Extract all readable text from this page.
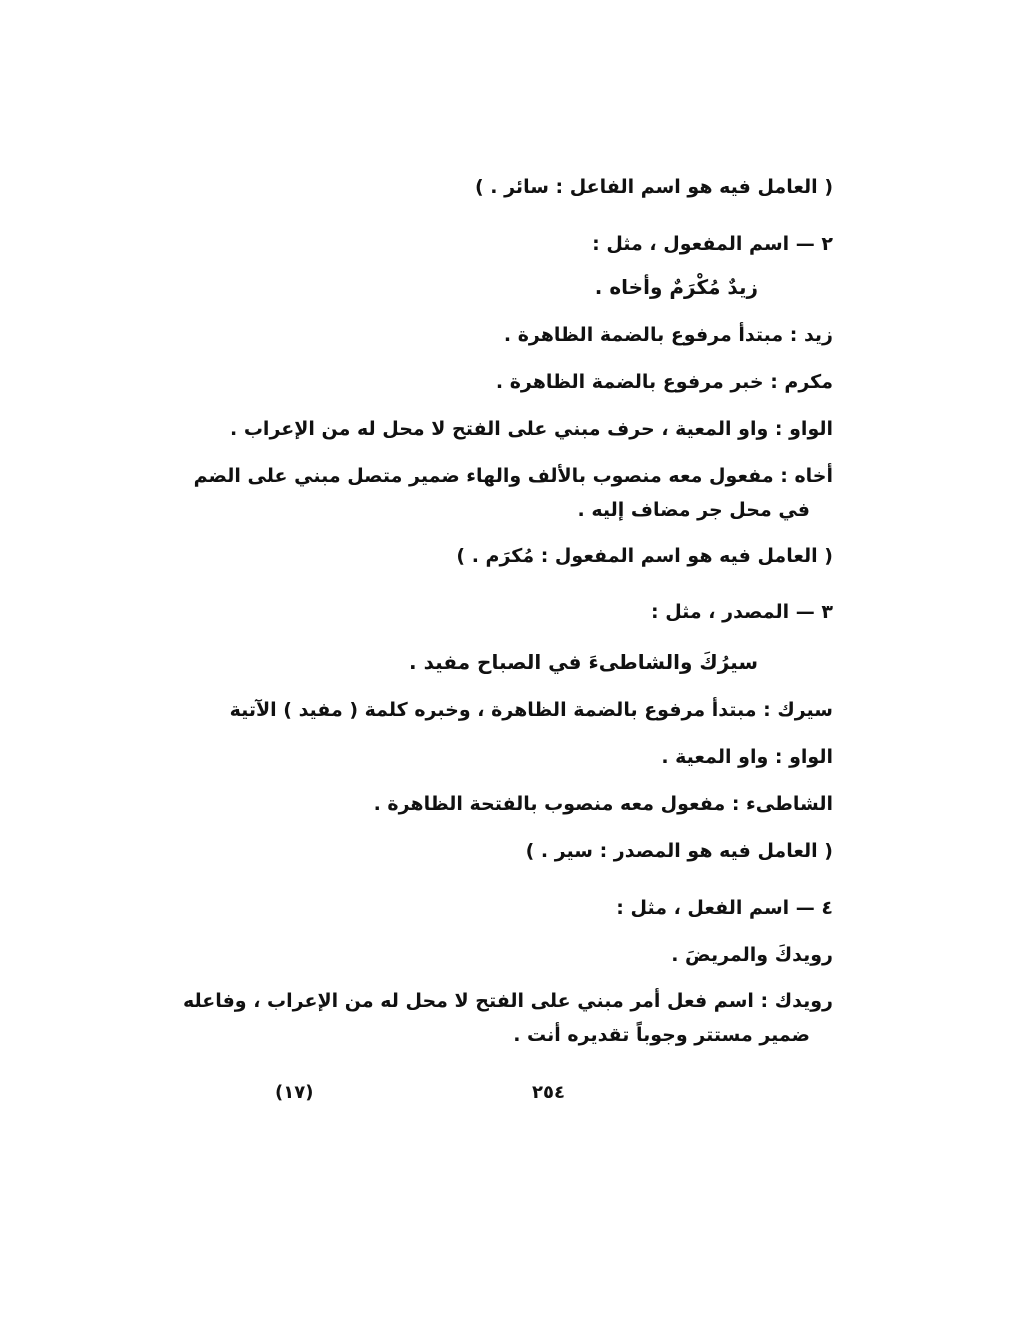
( العامل فيه هو اسم الفاعل : سائر . )
٢ — اسم المفعول ، مثل :
زيدٌ مُكْرَمٌ وأخاه .
زيد : مبتدأ مرفوع بالضمة الظاهرة .
مكرم : خبر مرفوع بالضمة الظاهرة .
الواو : واو المعية ، حرف مبني على الفتح لا محل له من الإعراب .
أخاه : مفعول معه منصوب بالألف والهاء ضمير متصل مبني على الضم
في محل جر مضاف إليه .
( العامل فيه هو اسم المفعول : مُكرَم . )
٣ — المصدر ، مثل :
سيرُكَ والشاطىءَ في الصباح مفيد .
سيرك : مبتدأ مرفوع بالضمة الظاهرة ، وخبره كلمة ( مفيد ) الآتية
الواو : واو المعية .
الشاطىء : مفعول معه منصوب بالفتحة الظاهرة .
( العامل فيه هو المصدر : سير . )
٤ — اسم الفعل ، مثل :
رويدكَ والمريضَ .
رويدك : اسم فعل أمر مبني على الفتح لا محل له من الإعراب ، وفاعله
ضمير مستتر وجوباً تقديره أنت .
(١٧)	٢٥٤
